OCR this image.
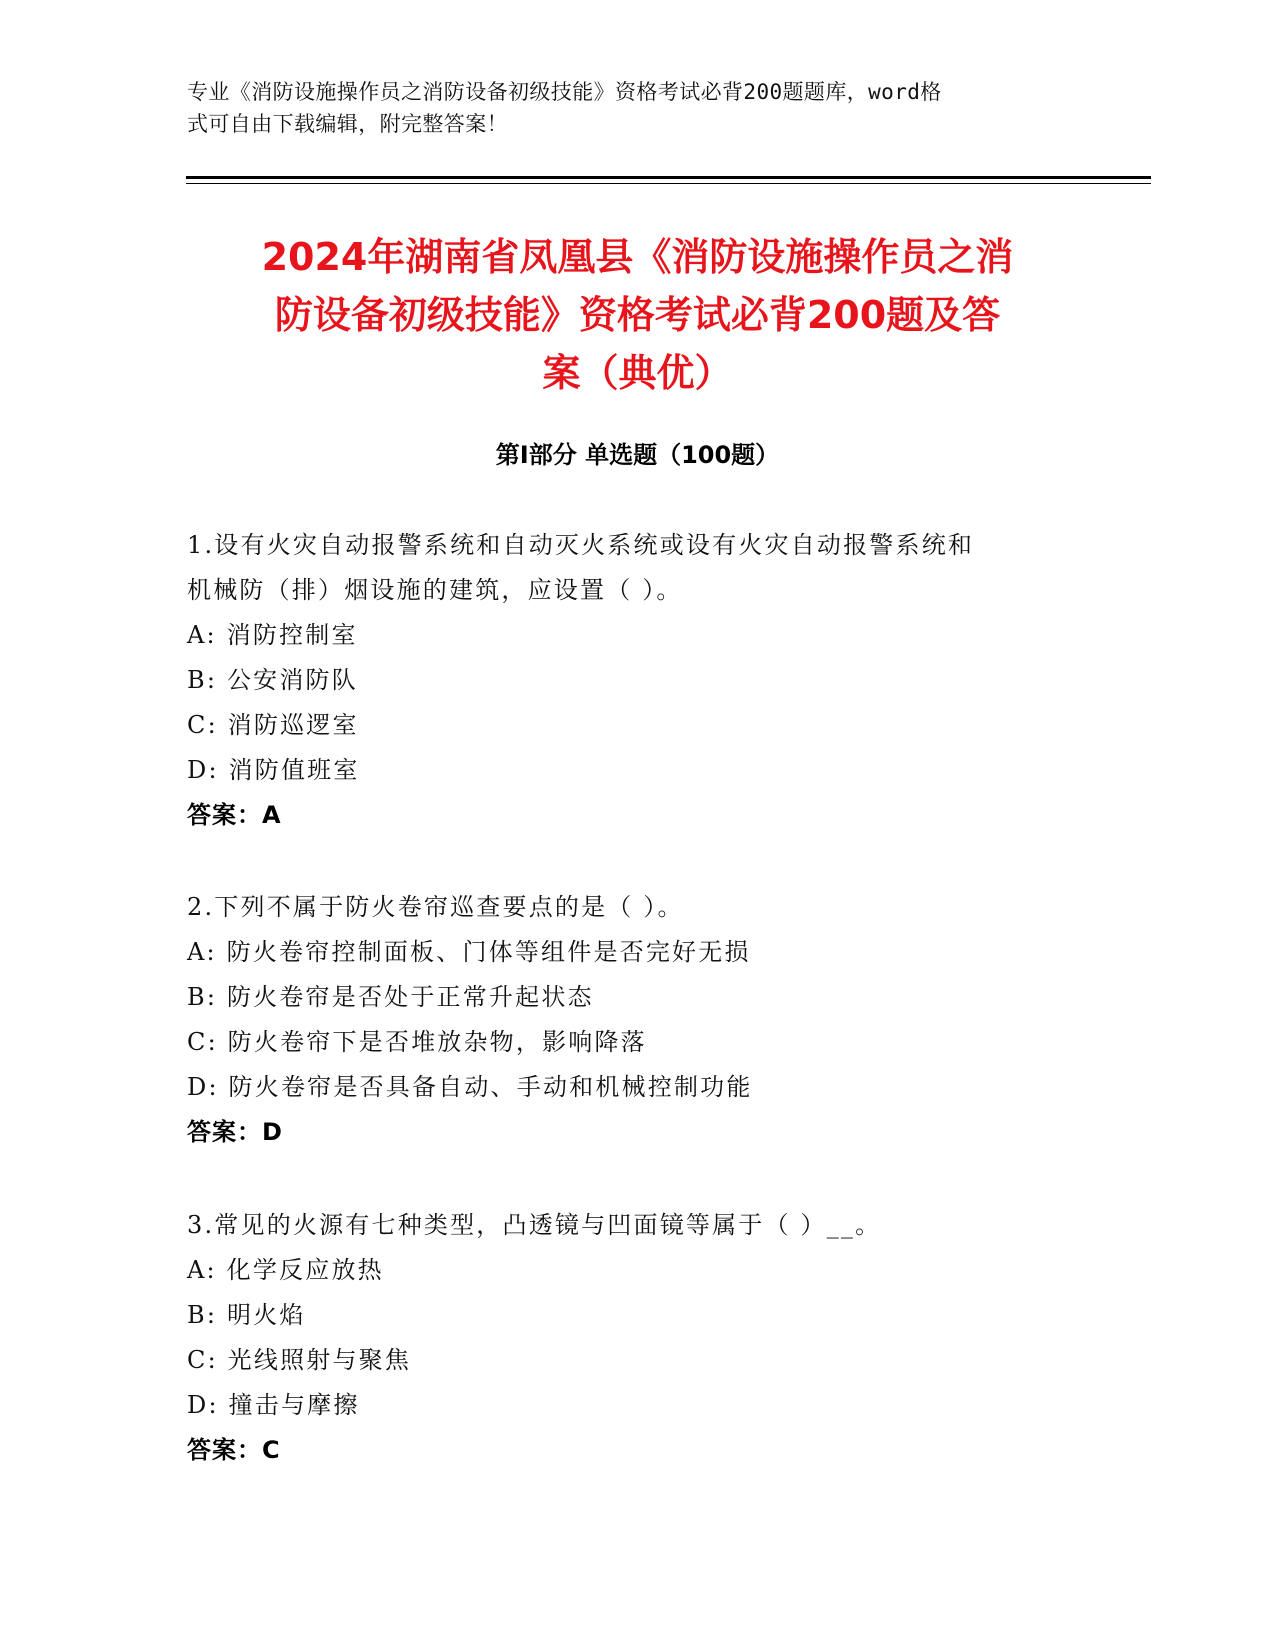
专业《消防设施操作员之消防设备初级技能》资格考试必背200题题库，word格
式可自由下载编辑，附完整答案！
2024年湖南省凤凰县《消防设施操作员之消
防设备初级技能》资格考试必背200题及答
案（典优）
第I部分 单选题（100题）
1.设有火灾自动报警系统和自动灭火系统或设有火灾自动报警系统和
机械防（排）烟设施的建筑，应设置（ ）。
A: 消防控制室
B: 公安消防队
C: 消防巡逻室
D: 消防值班室
答案：A
2.下列不属于防火卷帘巡查要点的是（ ）。
A: 防火卷帘控制面板、门体等组件是否完好无损
B: 防火卷帘是否处于正常升起状态
C: 防火卷帘下是否堆放杂物，影响降落
D: 防火卷帘是否具备自动、手动和机械控制功能
答案：D
3.常见的火源有七种类型，凸透镜与凹面镜等属于（ ）__。
A: 化学反应放热
B: 明火焰
C: 光线照射与聚焦
D: 撞击与摩擦
答案：C
